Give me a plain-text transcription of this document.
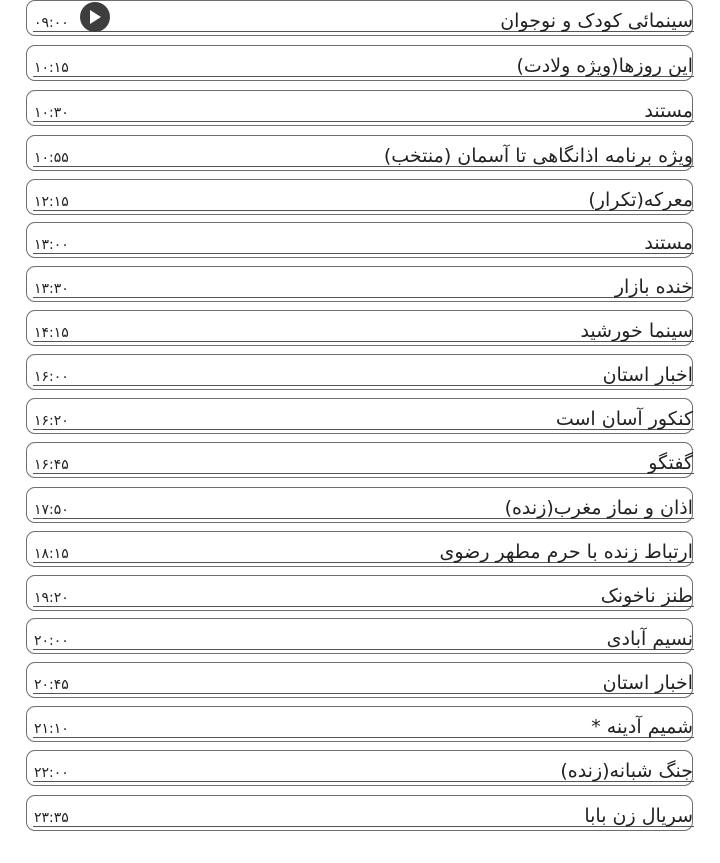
۰۹:۰۰	سینمائی کودک و نوجوان
۱۰:۱۵	این روزها(ویژه ولادت)
۱۰:۳۰	مستند
۱۰:۵۵	ویژه برنامه اذانگاهی تا آسمان (منتخب)
۱۲:۱۵	معرکه(تکرار)
۱۳:۰۰	مستند
۱۳:۳۰	خنده بازار
۱۴:۱۵	سینما خورشید
۱۶:۰۰	اخبار استان
۱۶:۲۰	کنکور آسان است
۱۶:۴۵	گفتگو
۱۷:۵۰	اذان و نماز مغرب(زنده)
۱۸:۱۵	ارتباط زنده با حرم مطهر رضوی
۱۹:۲۰	طنز ناخونک
۲۰:۰۰	نسیم آبادی
۲۰:۴۵	اخبار استان
۲۱:۱۰	شمیم آدینه *
۲۲:۰۰	جنگ شبانه(زنده)
۲۳:۳۵	سریال زن بابا
